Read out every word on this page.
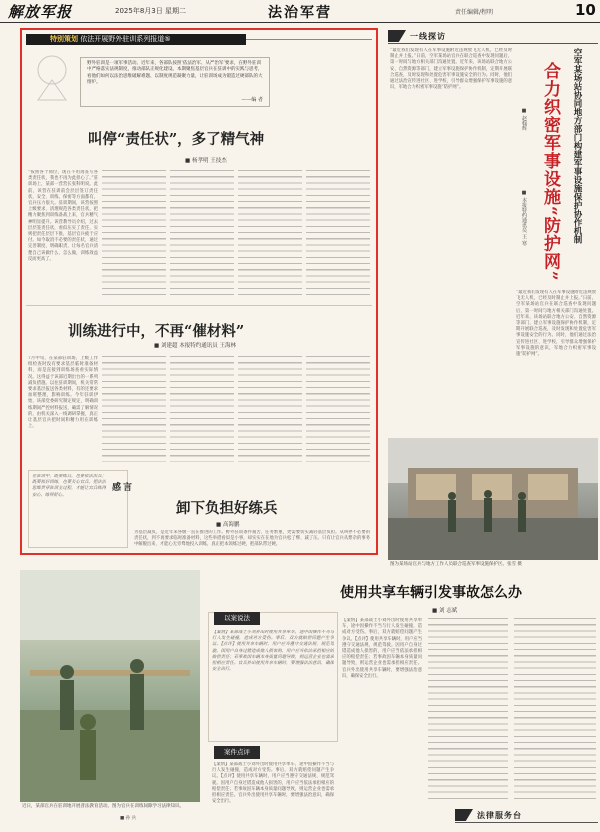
解放军报	2025年8月3日 星期二	法治军营	责任编辑/程明	10
特别策划 依法开展野外驻训系列报道⑤
野外驻训是一项军事活动。近年来，各部队按照‘依法治军、从严治军’要求，在野外驻训中严格落实法规制度，推动部队正规化建设。本期聚焦基层官兵在驻训中的实践与思考，看他们如何以法治思维破解难题、以制度规范凝聚力量，让驻训场成为锻造过硬部队的大熔炉。
——编 者
叫停“责任状”，多了精气神
■ 杨孝明 王技杰
“按照各个岗位，现在不用再签写各类责任状，我也不再为此担心了。”驻训场上，某部一营营长张科明说。此前，该营在驻训前会层层签订责任状，安全、训练、保密等方面都有，官兵压力很大。驻训期间，该营按照上级要求，清理规范各类责任状，把精力聚焦到训练备战上来，官兵精气神明显提升。该营教导员介绍，过去层层签责任状，看似压实了责任，实则把责任层层下推，基层官兵疲于应付。如今取消不必要的责任状，通过完善制度、明确职责，让每名官兵清楚自己该做什么、怎么做，训练效益反而更高了。
训练进行中，不再“催材料”
■ 刘建超 本报特约通讯员 王海林
7月中旬，在某部驻训场，上级工作组检查时没有要求基层临时准备材料，而是直接到训练场查看实际情况。这得益于该部近期出台的一系列减负措施。以往驻训期间，机关常常要求基层报送各类材料，有的还要求加班整理，影响训练。今年驻训伊始，该部党委研究制定规定，明确训练期间严控材料报送，确需了解情况的，由机关深入一线调研掌握，真正让基层官兵把时间和精力用在训练上。
在驻训中，既要练兵，也要依法治兵；既要抓好训练，也要关心官兵。把法治思维贯穿驻训全过程，才能让官兵练得安心、练得舒心。
感言
卸下负担好练兵
■ 高海鹏
为基层减负，是近年来各级一直在推进的工作。野外驻训条件艰苦、任务繁重，更需要切实减轻基层负担。从叫停不必要的责任状，到不再要求临时准备材料，这些举措看似是小事，却实实在在地为官兵松了绑、减了压。只有让官兵从繁杂的事务中解脱出来，才能心无旁骛地投入训练，真正把本领练过硬，把部队带过硬。
一线探访
“最近我们发现有人在军事设施附近违规放飞无人机，已经及时制止并上报。”日前，空军某场站官兵在联合巡查中发现问题后，第一时间与地方相关部门沟通处置。近年来，该场站联合地方公安、自然资源等部门，建立军事设施保护协作机制，定期开展联合巡查，及时发现和处置危害军事设施安全的行为。同时，他们通过法治宣传进社区、进学校，引导群众增强保护军事设施的意识，军地合力织密军事设施“防护网”。
■ 赵翰辉
■ 本报特约通讯员 王 寒 合力织密军事设施“防护网”	空军某场站协同地方部门构建军事设施保护协作机制
“最近我们发现有人在军事设施附近违规放飞无人机，已经及时制止并上报。”日前，空军某场站官兵在联合巡查中发现问题后，第一时间与地方相关部门沟通处置。近年来，该场站联合地方公安、自然资源等部门，建立军事设施保护协作机制，定期开展联合巡查，及时发现和处置危害军事设施安全的行为。同时，他们通过法治宣传进社区、进学校，引导群众增强保护军事设施的意识，军地合力织密军事设施“防护网”。
图为某场站官兵与地方工作人员联合巡查军事设施保护区。张雪 摄
使用共享车辆引发事故怎么办
■ 刘 志斌
近日，某部官兵在驻训地开展普法教育活动。图为官兵在训练间隙学习法律知识。
■ 孙 兵
以案说法
【案情】某部战士小刘外出时使用共享单车，途中因操作不当与行人发生碰撞，造成对方受伤。事后，双方就赔偿问题产生争议。【点评】使用共享车辆时，用户应当遵守交通法规，规范驾驶。因用户自身过错造成他人损害的，用户应当依法承担相应的赔偿责任；若事故因车辆本身质量问题导致，则运营企业也需承担相应责任。官兵外出使用共享车辆时，要增强法治意识，确保安全出行。
案件点评
【案情】某部战士小刘外出时使用共享单车，途中因操作不当与行人发生碰撞，造成对方受伤。事后，双方就赔偿问题产生争议。【点评】使用共享车辆时，用户应当遵守交通法规，规范驾驶。因用户自身过错造成他人损害的，用户应当依法承担相应的赔偿责任；若事故因车辆本身质量问题导致，则运营企业也需承担相应责任。官兵外出使用共享车辆时，要增强法治意识，确保安全出行。
【案情】某部战士小刘外出时使用共享单车，途中因操作不当与行人发生碰撞，造成对方受伤。事后，双方就赔偿问题产生争议。【点评】使用共享车辆时，用户应当遵守交通法规，规范驾驶。因用户自身过错造成他人损害的，用户应当依法承担相应的赔偿责任；若事故因车辆本身质量问题导致，则运营企业也需承担相应责任。官兵外出使用共享车辆时，要增强法治意识，确保安全出行。
法律服务台
